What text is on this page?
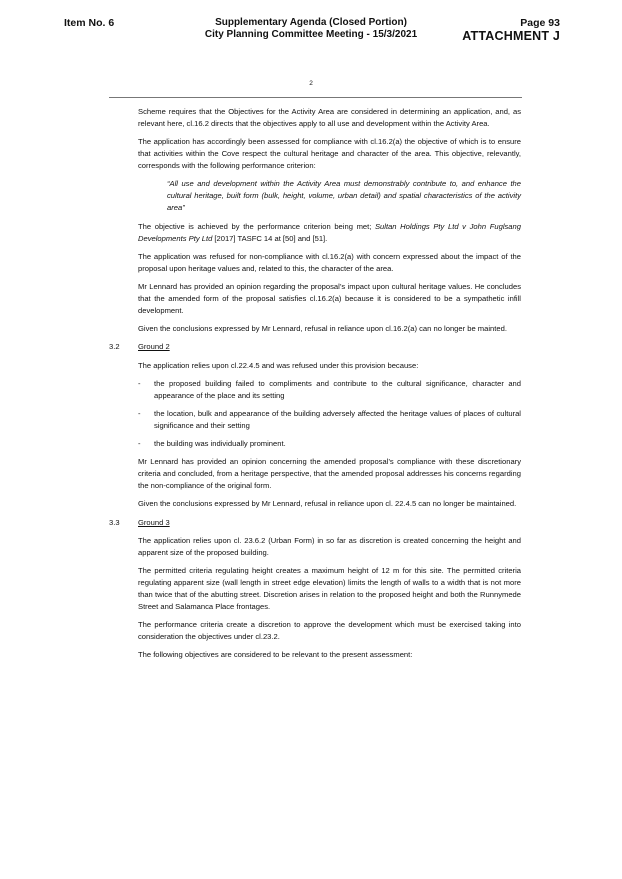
Item No. 6	Supplementary Agenda (Closed Portion)
City Planning Committee Meeting - 15/3/2021
Page 93
ATTACHMENT J
2

Scheme requires that the Objectives for the Activity Area are considered in determining an application, and, as relevant here, cl.16.2 directs that the objectives apply to all use and development within the Activity Area.

The application has accordingly been assessed for compliance with cl.16.2(a) the objective of which is to ensure that activities within the Cove respect the cultural heritage and character of the area. This objective, relevantly, corresponds with the following performance criterion:

“All use and development within the Activity Area must demonstrably contribute to, and enhance the cultural heritage, built form (bulk, height, volume, urban detail) and spatial characteristics of the activity area”

The objective is achieved by the performance criterion being met; Sultan Holdings Pty Ltd v John Fuglsang Developments Pty Ltd [2017] TASFC 14 at [50] and [51].

The application was refused for non-compliance with cl.16.2(a) with concern expressed about the impact of the proposal upon heritage values and, related to this, the character of the area.

Mr Lennard has provided an opinion regarding the proposal’s impact upon cultural heritage values. He concludes that the amended form of the proposal satisfies cl.16.2(a) because it is considered to be a sympathetic infill development.

Given the conclusions expressed by Mr Lennard, refusal in reliance upon cl.16.2(a) can no longer be mainted.

3.2 Ground 2

The application relies upon cl.22.4.5 and was refused under this provision because:

- the proposed building failed to compliments and contribute to the cultural significance, character and appearance of the place and its setting

- the location, bulk and appearance of the building adversely affected the heritage values of places of cultural significance and their setting

- the building was individually prominent.

Mr Lennard has provided an opinion concerning the amended proposal’s compliance with these discretionary criteria and concluded, from a heritage perspective, that the amended proposal addresses his concerns regarding the non-compliance of the original form.

Given the conclusions expressed by Mr Lennard, refusal in reliance upon cl. 22.4.5 can no longer be maintained.

3.3 Ground 3

The application relies upon cl. 23.6.2 (Urban Form) in so far as discretion is created concerning the height and apparent size of the proposed building.

The permitted criteria regulating height creates a maximum height of 12 m for this site. The permitted criteria regulating apparent size (wall length in street edge elevation) limits the length of walls to a width that is not more than twice that of the abutting street. Discretion arises in relation to the proposed height and both the Runnymede Street and Salamanca Place frontages.

The performance criteria create a discretion to approve the development which must be exercised taking into consideration the objectives under cl.23.2.

The following objectives are considered to be relevant to the present assessment:
